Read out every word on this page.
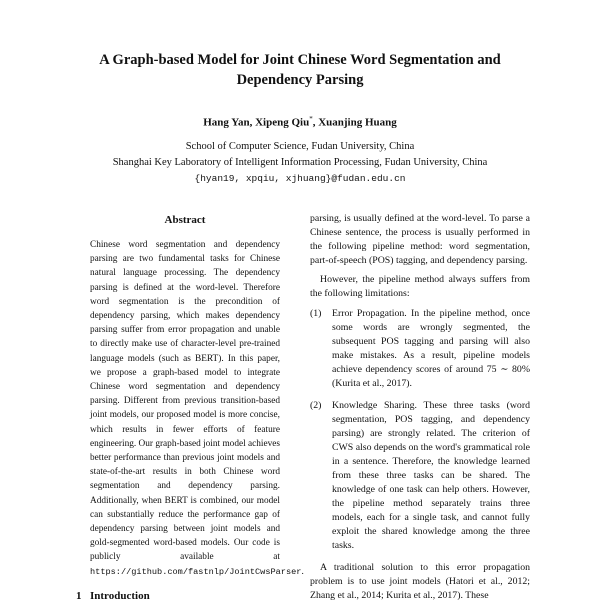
A Graph-based Model for Joint Chinese Word Segmentation and Dependency Parsing
Hang Yan, Xipeng Qiu*, Xuanjing Huang
School of Computer Science, Fudan University, China
Shanghai Key Laboratory of Intelligent Information Processing, Fudan University, China
{hyan19, xpqiu, xjhuang}@fudan.edu.cn
Abstract
Chinese word segmentation and dependency parsing are two fundamental tasks for Chinese natural language processing. The dependency parsing is defined at the word-level. Therefore word segmentation is the precondition of dependency parsing, which makes dependency parsing suffer from error propagation and unable to directly make use of character-level pre-trained language models (such as BERT). In this paper, we propose a graph-based model to integrate Chinese word segmentation and dependency parsing. Different from previous transition-based joint models, our proposed model is more concise, which results in fewer efforts of feature engineering. Our graph-based joint model achieves better performance than previous joint models and state-of-the-art results in both Chinese word segmentation and dependency parsing. Additionally, when BERT is combined, our model can substantially reduce the performance gap of dependency parsing between joint models and gold-segmented word-based models. Our code is publicly available at https://github.com/fastnlp/JointCwsParser.

parsing, is usually defined at the word-level. To parse a Chinese sentence, the process is usually performed in the following pipeline method: word segmentation, part-of-speech (POS) tagging, and dependency parsing.

However, the pipeline method always suffers from the following limitations:

(1)	Error Propagation. In the pipeline method, once some words are wrongly segmented, the subsequent POS tagging and parsing will also make mistakes. As a result, pipeline models achieve dependency scores of around 75 ∼ 80% (Kurita et al., 2017).
(2)	Knowledge Sharing. These three tasks (word segmentation, POS tagging, and dependency parsing) are strongly related. The criterion of CWS also depends on the word's grammatical role in a sentence. Therefore, the knowledge learned from these three tasks can be shared. The knowledge of one task can help others. However, the pipeline method separately trains three models, each for a single task, and cannot fully exploit the shared knowledge among the three tasks.

A traditional solution to this error propagation problem is to use joint models (Hatori et al., 2012; Zhang et al., 2014; Kurita et al., 2017). These

1 Introduction
